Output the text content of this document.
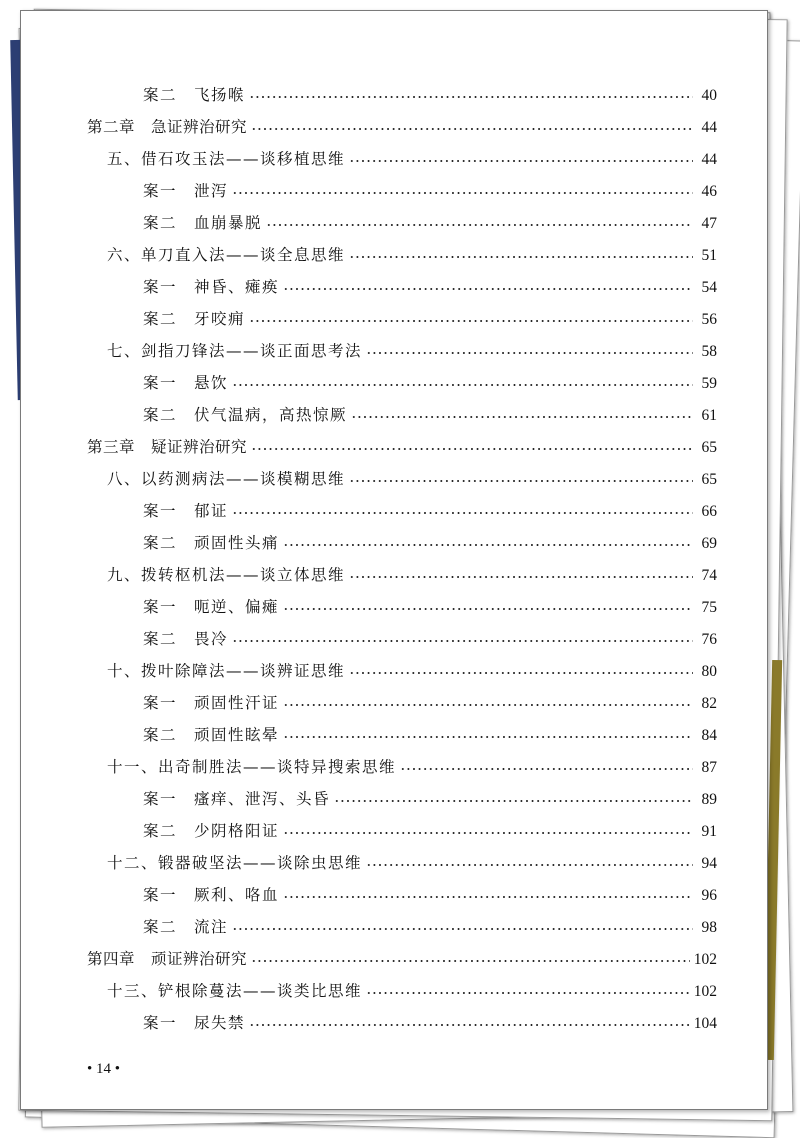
案二　飞扬喉	40
第二章　急证辨治研究	44
五、借石攻玉法——谈移植思维	44
案一　泄泻	46
案二　血崩暴脱	47
六、单刀直入法——谈全息思维	51
案一　神昏、瘫痪	54
案二　牙咬痈	56
七、剑指刀锋法——谈正面思考法	58
案一　悬饮	59
案二　伏气温病，高热惊厥	61
第三章　疑证辨治研究	65
八、以药测病法——谈模糊思维	65
案一　郁证	66
案二　顽固性头痛	69
九、拨转枢机法——谈立体思维	74
案一　呃逆、偏瘫	75
案二　畏冷	76
十、拨叶除障法——谈辨证思维	80
案一　顽固性汗证	82
案二　顽固性眩晕	84
十一、出奇制胜法——谈特异搜索思维	87
案一　瘙痒、泄泻、头昏	89
案二　少阴格阳证	91
十二、锻器破坚法——谈除虫思维	94
案一　厥利、咯血	96
案二　流注	98
第四章　顽证辨治研究	102
十三、铲根除蔓法——谈类比思维	102
案一　尿失禁	104
• 14 •
